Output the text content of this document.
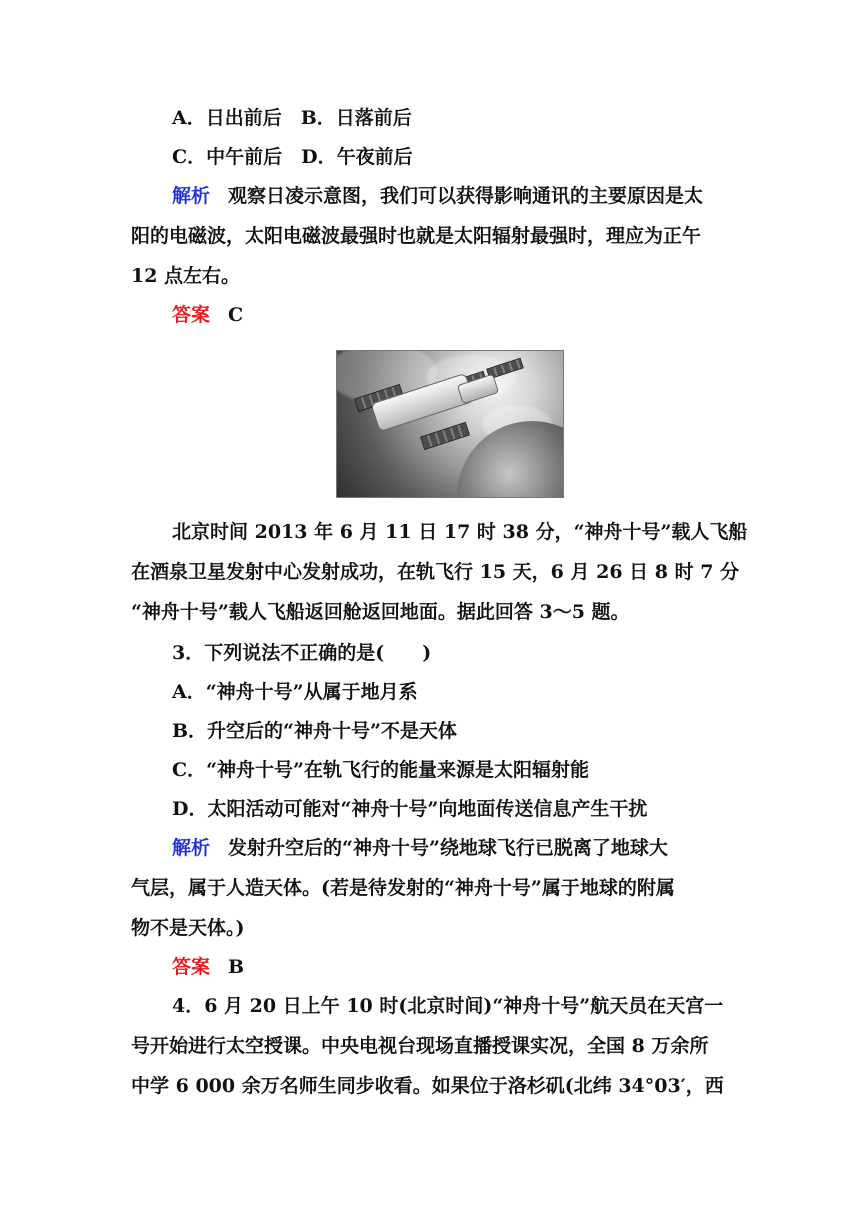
A．日出前后　B．日落前后
C．中午前后　D．午夜前后
解析 观察日凌示意图，我们可以获得影响通讯的主要原因是太
阳的电磁波，太阳电磁波最强时也就是太阳辐射最强时，理应为正午
12 点左右。
答案 C
北京时间 2013 年 6 月 11 日 17 时 38 分，“神舟十号”载人飞船
在酒泉卫星发射中心发射成功，在轨飞行 15 天，6 月 26 日 8 时 7 分
“神舟十号”载人飞船返回舱返回地面。据此回答 3～5 题。
3．下列说法不正确的是(　　)
A．“神舟十号”从属于地月系
B．升空后的“神舟十号”不是天体
C．“神舟十号”在轨飞行的能量来源是太阳辐射能
D．太阳活动可能对“神舟十号”向地面传送信息产生干扰
解析 发射升空后的“神舟十号”绕地球飞行已脱离了地球大
气层，属于人造天体。(若是待发射的“神舟十号”属于地球的附属
物不是天体。)
答案 B
4．6 月 20 日上午 10 时(北京时间)“神舟十号”航天员在天宫一
号开始进行太空授课。中央电视台现场直播授课实况，全国 8 万余所
中学 6 000 余万名师生同步收看。如果位于洛杉矶(北纬 34°03′，西
